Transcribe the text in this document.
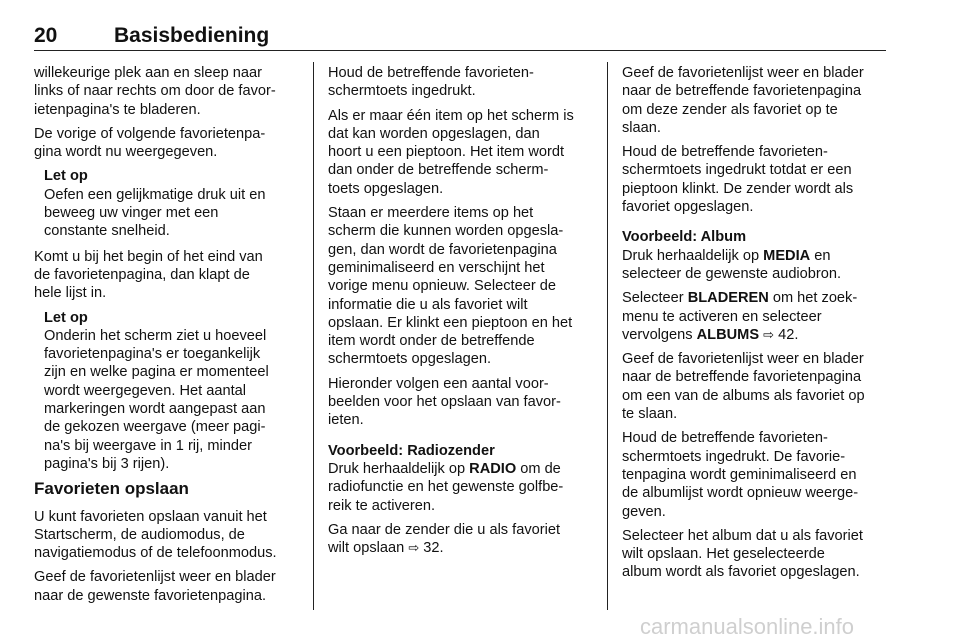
20	Basisbediening

willekeurige plek aan en sleep naar
links of naar rechts om door de favor-
ietenpagina's te bladeren.

De vorige of volgende favorietenpa-
gina wordt nu weergegeven.

Let op
Oefen een gelijkmatige druk uit en
beweeg uw vinger met een
constante snelheid.

Komt u bij het begin of het eind van
de favorietenpagina, dan klapt de
hele lijst in.

Let op
Onderin het scherm ziet u hoeveel
favorietenpagina's er toegankelijk
zijn en welke pagina er momenteel
wordt weergegeven. Het aantal
markeringen wordt aangepast aan
de gekozen weergave (meer pagi-
na's bij weergave in 1 rij, minder
pagina's bij 3 rijen).
Favorieten opslaan

U kunt favorieten opslaan vanuit het
Startscherm, de audiomodus, de
navigatiemodus of de telefoonmodus.

Geef de favorietenlijst weer en blader
naar de gewenste favorietenpagina.

Houd de betreffende favorieten-
schermtoets ingedrukt.

Als er maar één item op het scherm is
dat kan worden opgeslagen, dan
hoort u een pieptoon. Het item wordt
dan onder de betreffende scherm-
toets opgeslagen.

Staan er meerdere items op het
scherm die kunnen worden opgesla-
gen, dan wordt de favorietenpagina
geminimaliseerd en verschijnt het
vorige menu opnieuw. Selecteer de
informatie die u als favoriet wilt
opslaan. Er klinkt een pieptoon en het
item wordt onder de betreffende
schermtoets opgeslagen.

Hieronder volgen een aantal voor-
beelden voor het opslaan van favor-
ieten.

Voorbeeld: Radiozender

Druk herhaaldelijk op RADIO om de
radiofunctie en het gewenste golfbe-
reik te activeren.

Ga naar de zender die u als favoriet
wilt opslaan ⇨ 32.

Geef de favorietenlijst weer en blader
naar de betreffende favorietenpagina
om deze zender als favoriet op te
slaan.

Houd de betreffende favorieten-
schermtoets ingedrukt totdat er een
pieptoon klinkt. De zender wordt als
favoriet opgeslagen.

Voorbeeld: Album

Druk herhaaldelijk op MEDIA en
selecteer de gewenste audiobron.

Selecteer BLADEREN om het zoek-
menu te activeren en selecteer
vervolgens ALBUMS ⇨ 42.

Geef de favorietenlijst weer en blader
naar de betreffende favorietenpagina
om een van de albums als favoriet op
te slaan.

Houd de betreffende favorieten-
schermtoets ingedrukt. De favorie-
tenpagina wordt geminimaliseerd en
de albumlijst wordt opnieuw weerge-
geven.

Selecteer het album dat u als favoriet
wilt opslaan. Het geselecteerde
album wordt als favoriet opgeslagen.

carmanualsonline.info
